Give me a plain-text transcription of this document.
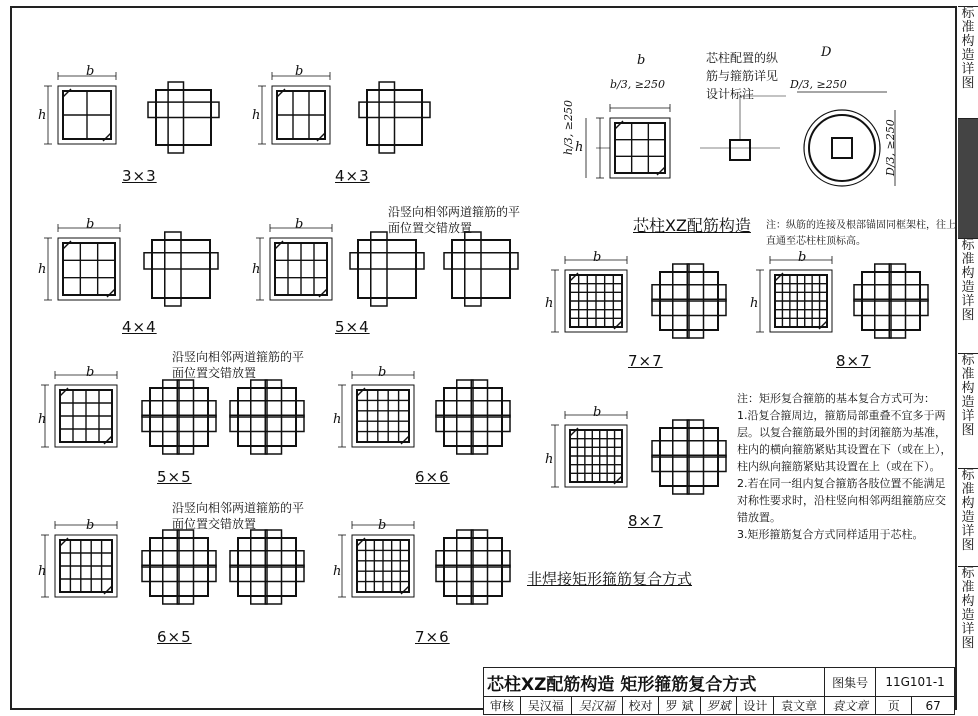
b
h
b
h
b
h
b
h
b
h
b
h
b
h
b
h
b
h
b
h
b
h
b
b/3, ≥250
D
D/3, ≥250
h
h/3, ≥250	D/3, ≥250
芯柱配置的纵筋与箍筋详见设计标注
3×3	4×3
4×4	5×4
5×5	6×6
6×5	7×6
7×7	8×7
8×7
沿竖向相邻两道箍筋的平面位置交错放置
沿竖向相邻两道箍筋的平面位置交错放置
沿竖向相邻两道箍筋的平面位置交错放置
芯柱XZ配筋构造 注：纵筋的连接及根部锚固同框架柱，往上直通至芯柱柱顶标高。
非焊接矩形箍筋复合方式
注：矩形复合箍筋的基本复合方式可为：
1.沿复合箍周边，箍筋局部重叠不宜多于两层。以复合箍筋最外围的封闭箍筋为基准，柱内的横向箍筋紧贴其设置在下（或在上），柱内纵向箍筋紧贴其设置在上（或在下）。
2.若在同一组内复合箍筋各肢位置不能满足对称性要求时，沿柱竖向相邻两组箍筋应交错放置。
3.矩形箍筋复合方式同样适用于芯柱。
标准构造详图
标准构造详图
标准构造详图
标准构造详图
标准构造详图
芯柱XZ配筋构造 矩形箍筋复合方式								图集号	11G101-1	
审核	吴汉福	吴汉福	校对	罗 斌	罗斌	设计	袁文章	袁文章	页	67
